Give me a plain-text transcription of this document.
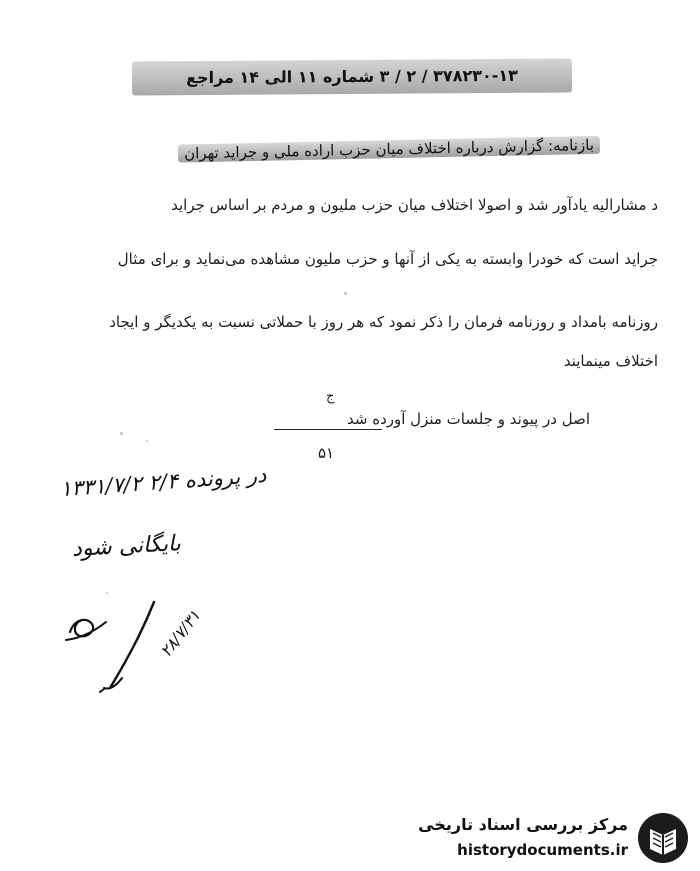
۳۷۸۲۳۰-۱۳ / ۲ / ۳ شماره ۱۱ الی ۱۴ مراجع
بازنامه: گزارش درباره اختلاف میان حزب اراده ملی و جراید تهران
د مشارالیه یادآور شد و اصولا اختلاف میان حزب ملیون و مردم بر اساس جراید
جراید است که خودرا وابسته به یکی از آنها و حزب ملیون مشاهده می‌نماید و برای مثال
روزنامه بامداد و روزنامه فرمان را ذکر نمود که هر روز با حملاتی نسبت به یکدیگر و ایجاد
اختلاف مینمایند
اصل در پیوند و جلسات منزل آورده شد
ج
۵۱
در پرونده ۲/۴ ۱۳۳۱/۷/۲
بایگانی شود
۲۸/۷/۳۱
مرکز بررسی اسناد تاریخی
historydocuments.ir
